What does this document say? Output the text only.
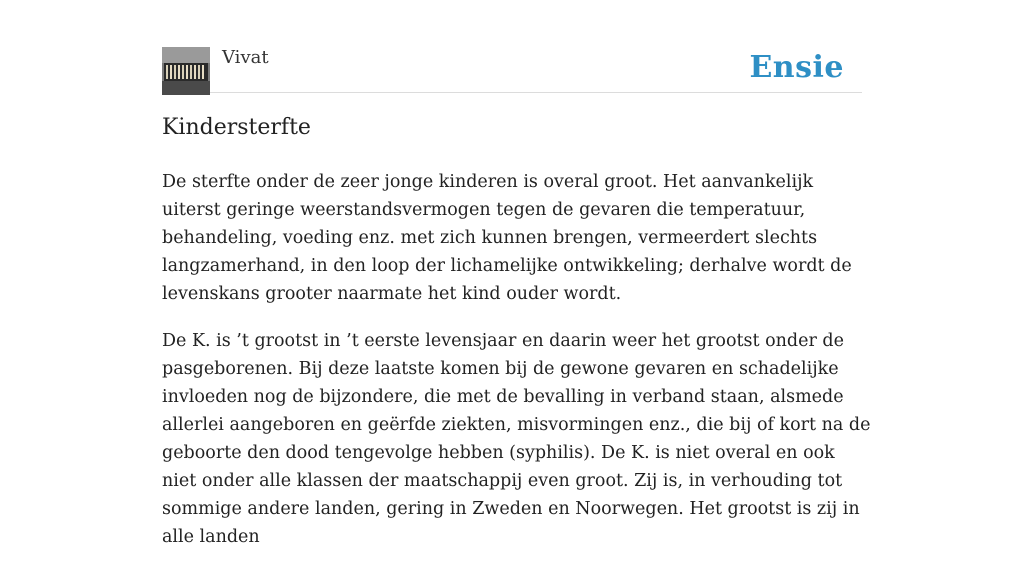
Vivat	Ensie
Kindersterfte

De sterfte onder de zeer jonge kinderen is overal groot. Het aanvankelijk uiterst geringe weerstandsvermogen tegen de gevaren die temperatuur, behandeling, voeding enz. met zich kunnen brengen, vermeerdert slechts langzamerhand, in den loop der lichamelijke ontwikkeling; derhalve wordt de levenskans grooter naarmate het kind ouder wordt.

De K. is ’t grootst in ’t eerste levensjaar en daarin weer het grootst onder de pasgeborenen. Bij deze laatste komen bij de gewone gevaren en schadelijke invloeden nog de bijzondere, die met de bevalling in verband staan, alsmede allerlei aangeboren en geërfde ziekten, misvormingen enz., die bij of kort na de geboorte den dood tengevolge hebben (syphilis). De K. is niet overal en ook niet onder alle klassen der maatschappij even groot. Zij is, in verhouding tot sommige andere landen, gering in Zweden en Noorwegen. Het grootst is zij in alle landen
